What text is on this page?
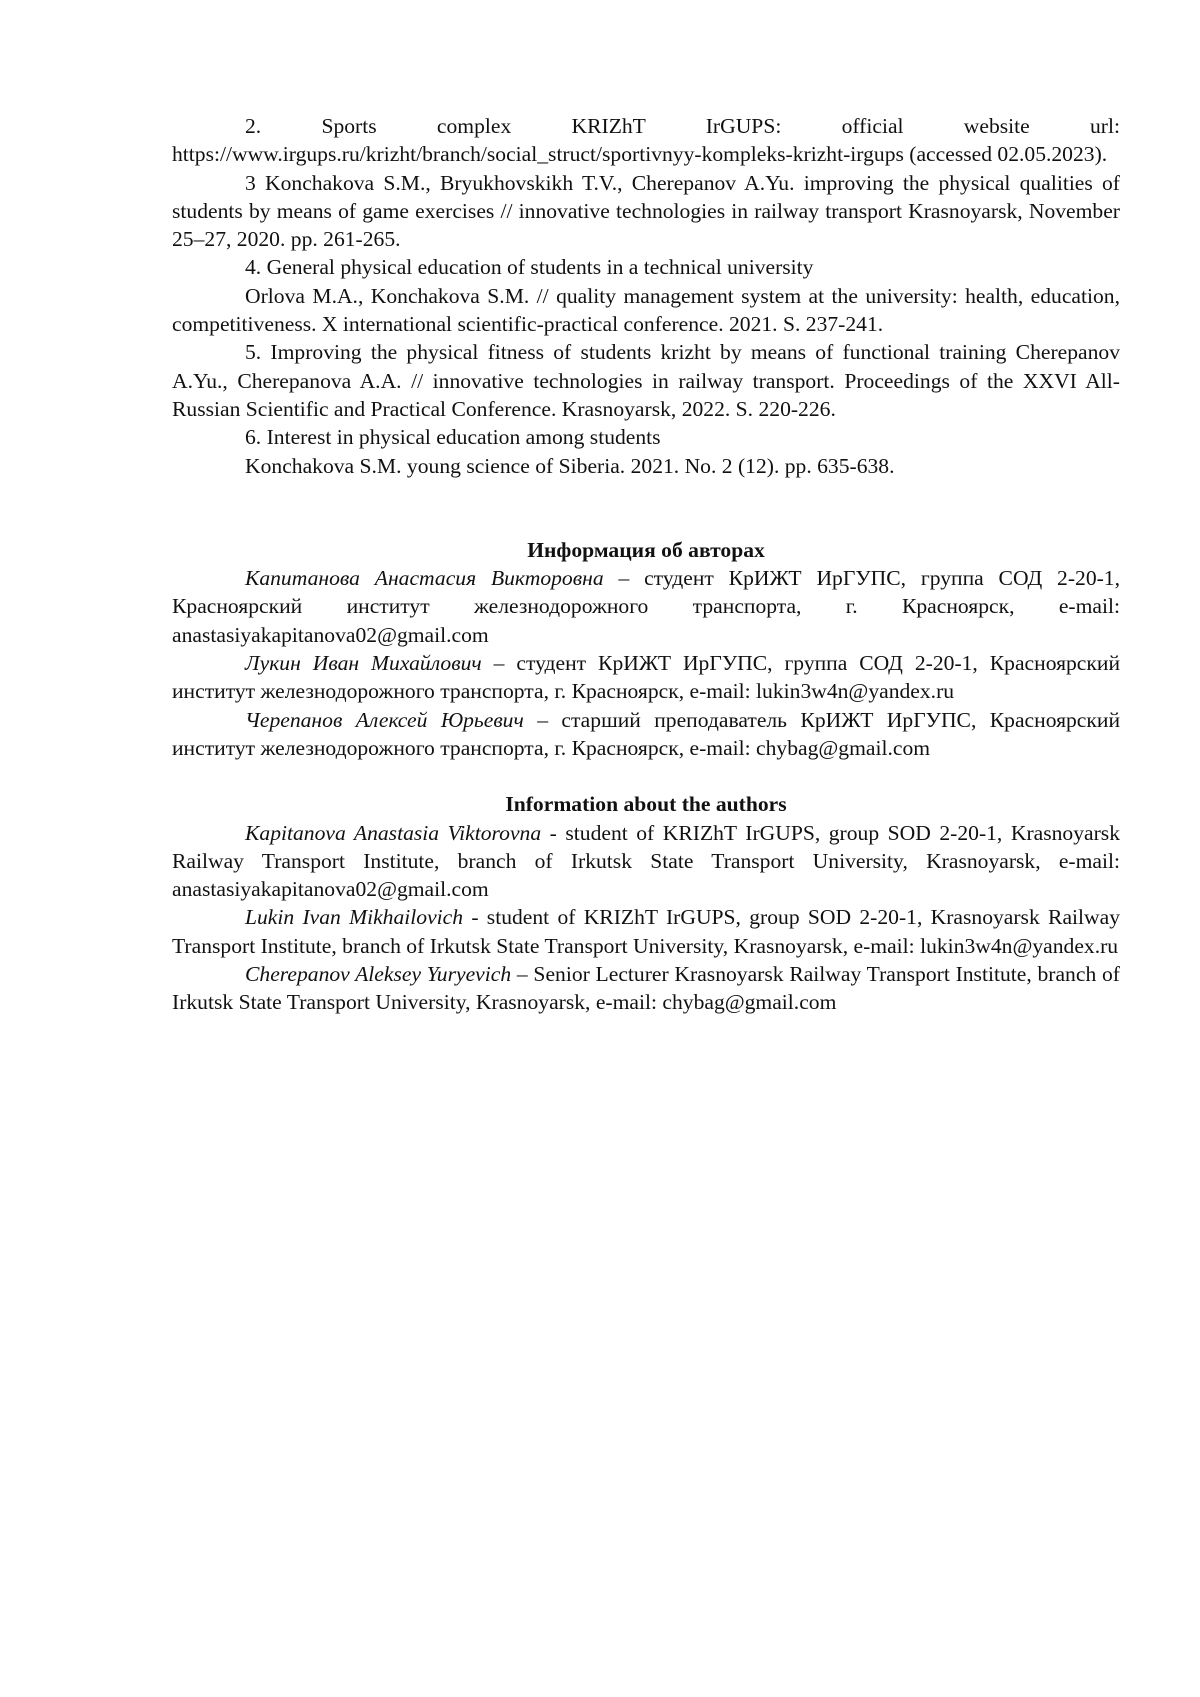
2. Sports complex KRIZhT IrGUPS: official website url: https://www.irgups.ru/krizht/branch/social_struct/sportivnyy-kompleks-krizht-irgups (accessed 02.05.2023).

3 Konchakova S.M., Bryukhovskikh T.V., Cherepanov A.Yu. improving the physical qualities of students by means of game exercises // innovative technologies in railway transport Krasnoyarsk, November 25–27, 2020. pp. 261-265.

4. General physical education of students in a technical university

Orlova M.A., Konchakova S.M. // quality management system at the university: health, education, competitiveness. X international scientific-practical conference. 2021. S. 237-241.

5. Improving the physical fitness of students krizht by means of functional training Cherepanov A.Yu., Cherepanova A.A. // innovative technologies in railway transport. Proceedings of the XXVI All-Russian Scientific and Practical Conference. Krasnoyarsk, 2022. S. 220-226.

6. Interest in physical education among students

Konchakova S.M. young science of Siberia. 2021. No. 2 (12). pp. 635-638.

Информация об авторах

Капитанова Анастасия Викторовна – студент КрИЖТ ИрГУПС, группа СОД 2-20-1, Красноярский институт железнодорожного транспорта, г. Красноярск, e-mail: anastasiyakapitanova02@gmail.com

Лукин Иван Михайлович – студент КрИЖТ ИрГУПС, группа СОД 2-20-1, Красноярский институт железнодорожного транспорта, г. Красноярск, e-mail: lukin3w4n@yandex.ru

Черепанов Алексей Юрьевич – старший преподаватель КрИЖТ ИрГУПС, Красноярский институт железнодорожного транспорта, г. Красноярск, e-mail: chybag@gmail.com

Information about the authors

Kapitanova Anastasia Viktorovna - student of KRIZhT IrGUPS, group SOD 2-20-1, Krasnoyarsk Railway Transport Institute, branch of Irkutsk State Transport University, Krasnoyarsk, e-mail: anastasiyakapitanova02@gmail.com

Lukin Ivan Mikhailovich - student of KRIZhT IrGUPS, group SOD 2-20-1, Krasnoyarsk Railway Transport Institute, branch of Irkutsk State Transport University, Krasnoyarsk, e-mail: lukin3w4n@yandex.ru

Cherepanov Aleksey Yuryevich – Senior Lecturer Krasnoyarsk Railway Transport Institute, branch of Irkutsk State Transport University, Krasnoyarsk, e-mail: chybag@gmail.com
